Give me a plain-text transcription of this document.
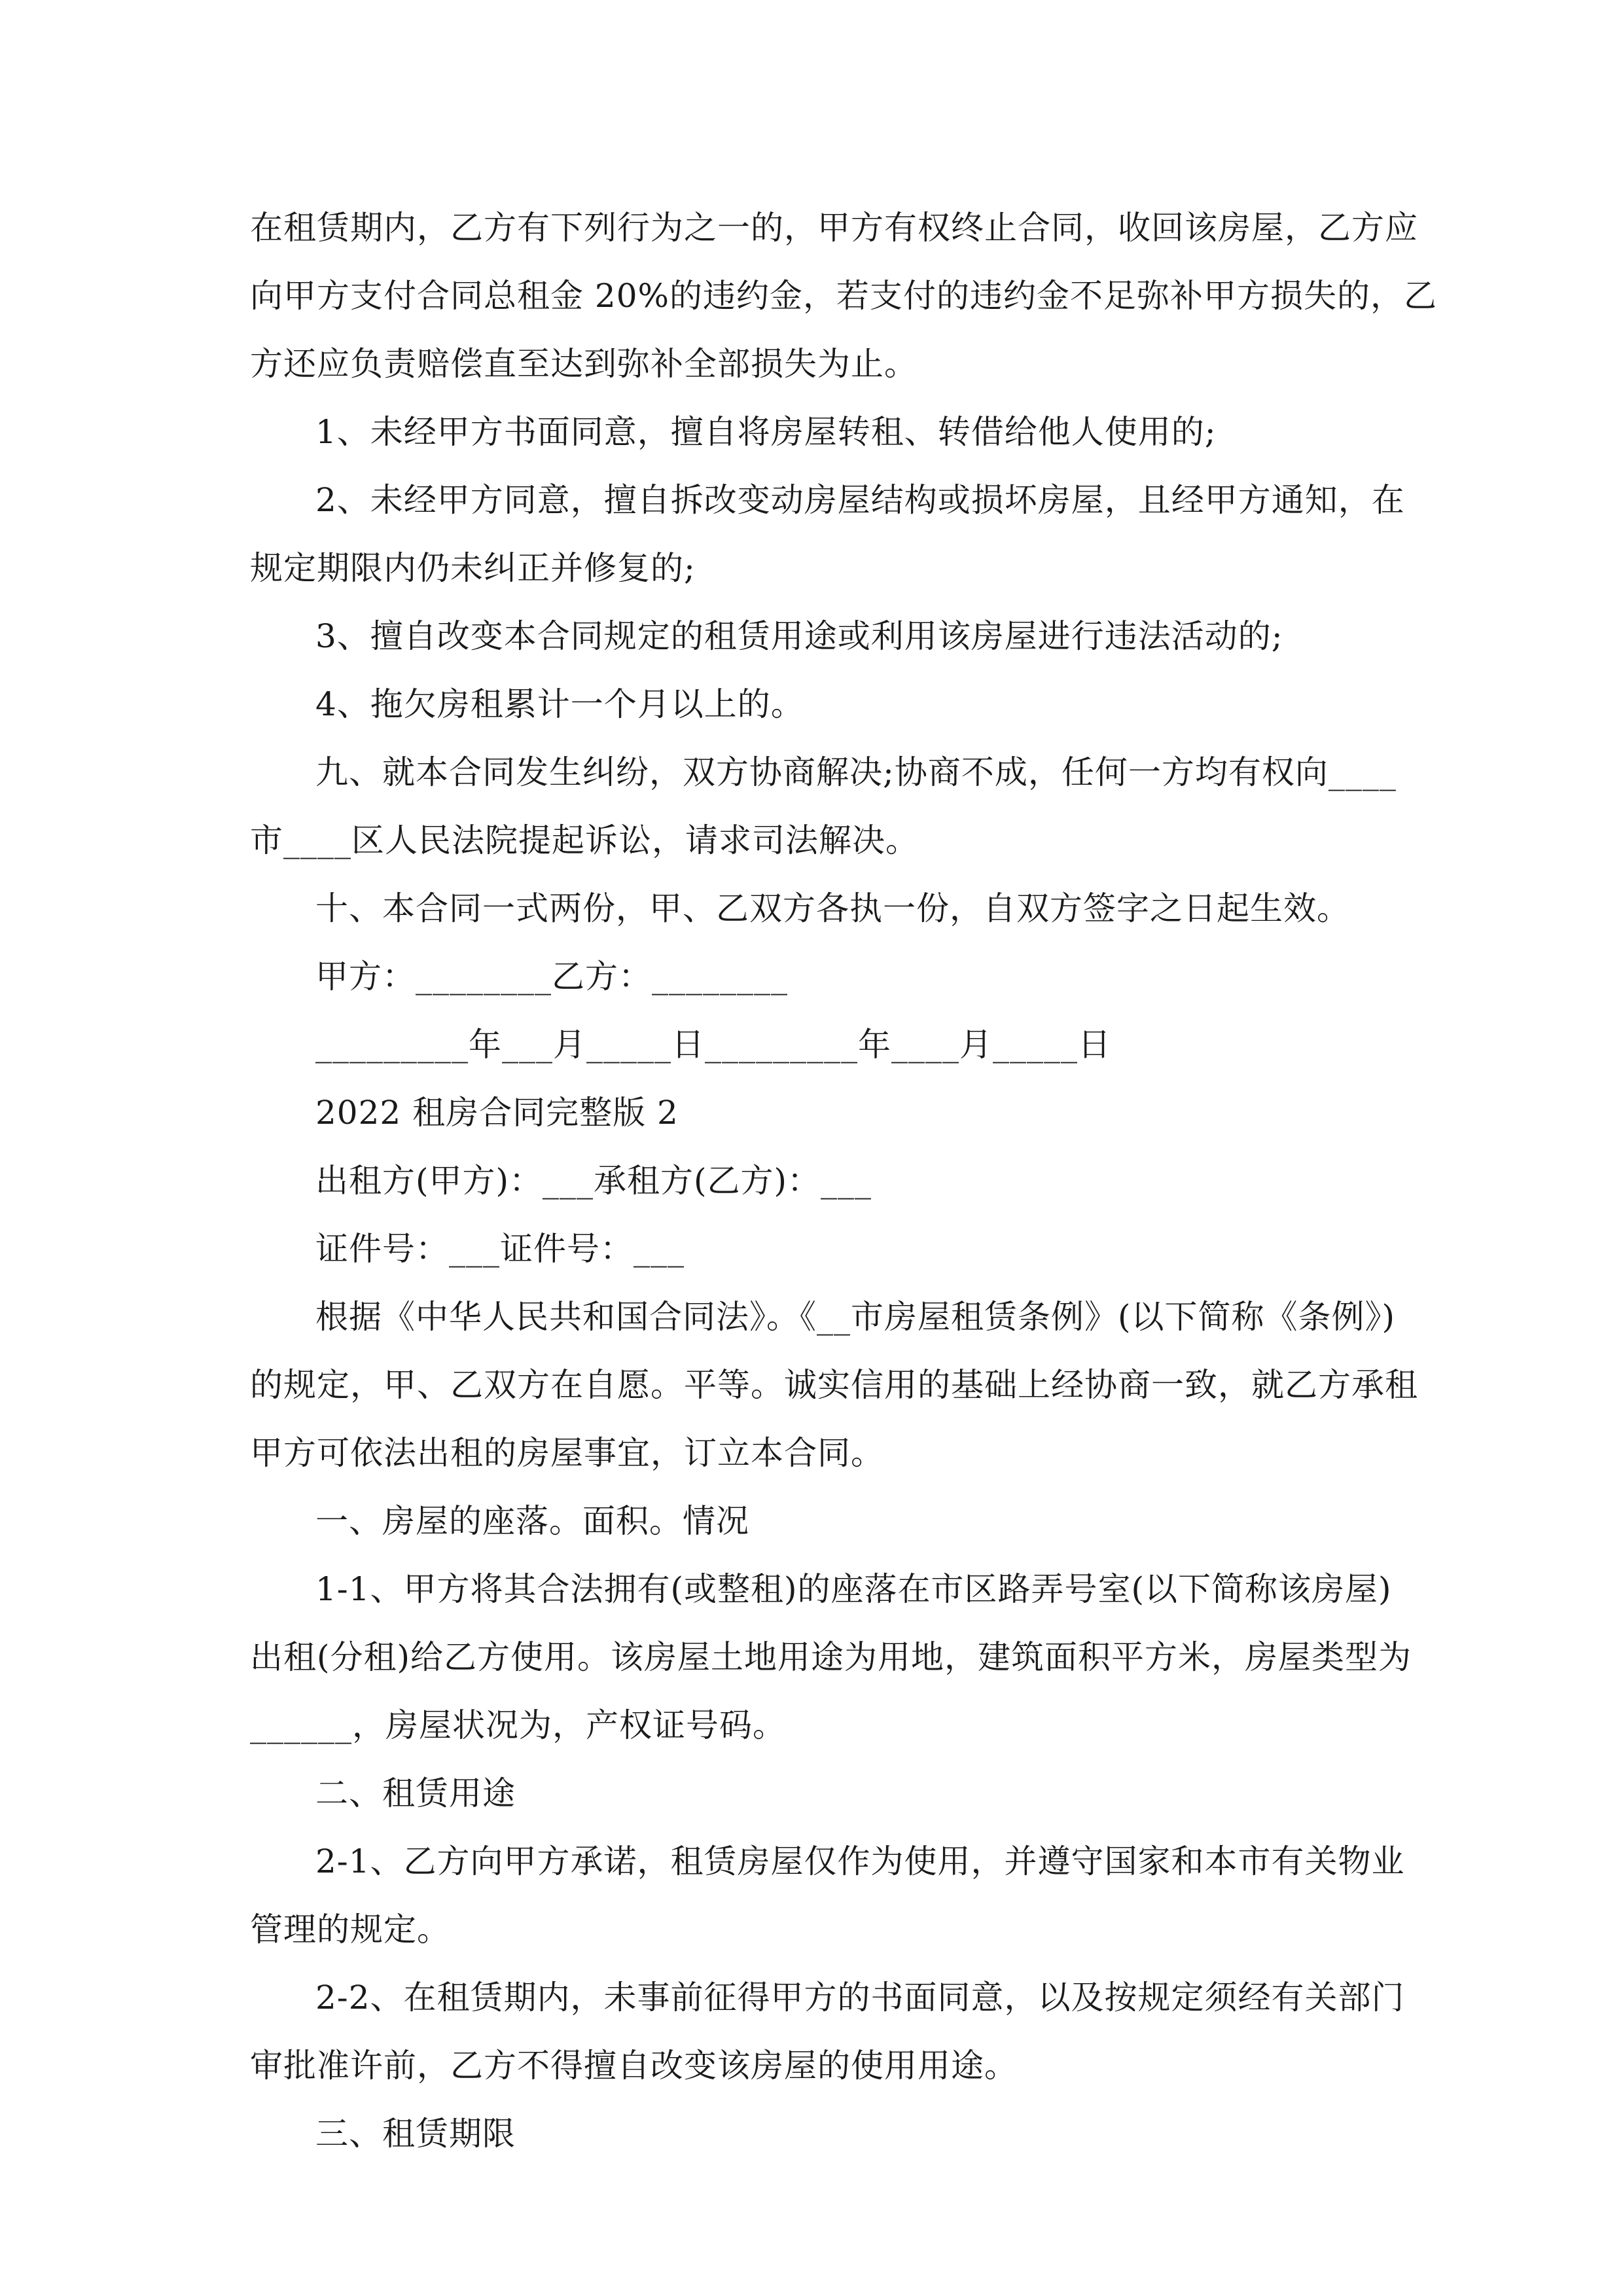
在租赁期内，乙方有下列行为之一的，甲方有权终止合同，收回该房屋，乙方应
向甲方支付合同总租金 20%的违约金，若支付的违约金不足弥补甲方损失的，乙
方还应负责赔偿直至达到弥补全部损失为止。
1、未经甲方书面同意，擅自将房屋转租、转借给他人使用的;
2、未经甲方同意，擅自拆改变动房屋结构或损坏房屋，且经甲方通知，在
规定期限内仍未纠正并修复的;
3、擅自改变本合同规定的租赁用途或利用该房屋进行违法活动的;
4、拖欠房租累计一个月以上的。
九、就本合同发生纠纷，双方协商解决;协商不成，任何一方均有权向____
市____区人民法院提起诉讼，请求司法解决。
十、本合同一式两份，甲、乙双方各执一份，自双方签字之日起生效。
甲方：________乙方：________
_________年___月_____日_________年____月_____日
2022 租房合同完整版 2
出租方(甲方)：___承租方(乙方)：___
证件号：___证件号：___
根据《中华人民共和国合同法》。《__市房屋租赁条例》(以下简称《条例》)
的规定，甲、乙双方在自愿。平等。诚实信用的基础上经协商一致，就乙方承租
甲方可依法出租的房屋事宜，订立本合同。
一、房屋的座落。面积。情况
1-1、甲方将其合法拥有(或整租)的座落在市区路弄号室(以下简称该房屋)
出租(分租)给乙方使用。该房屋土地用途为用地，建筑面积平方米，房屋类型为
______，房屋状况为，产权证号码。
二、租赁用途
2-1、乙方向甲方承诺，租赁房屋仅作为使用，并遵守国家和本市有关物业
管理的规定。
2-2、在租赁期内，未事前征得甲方的书面同意，以及按规定须经有关部门
审批准许前，乙方不得擅自改变该房屋的使用用途。
三、租赁期限
